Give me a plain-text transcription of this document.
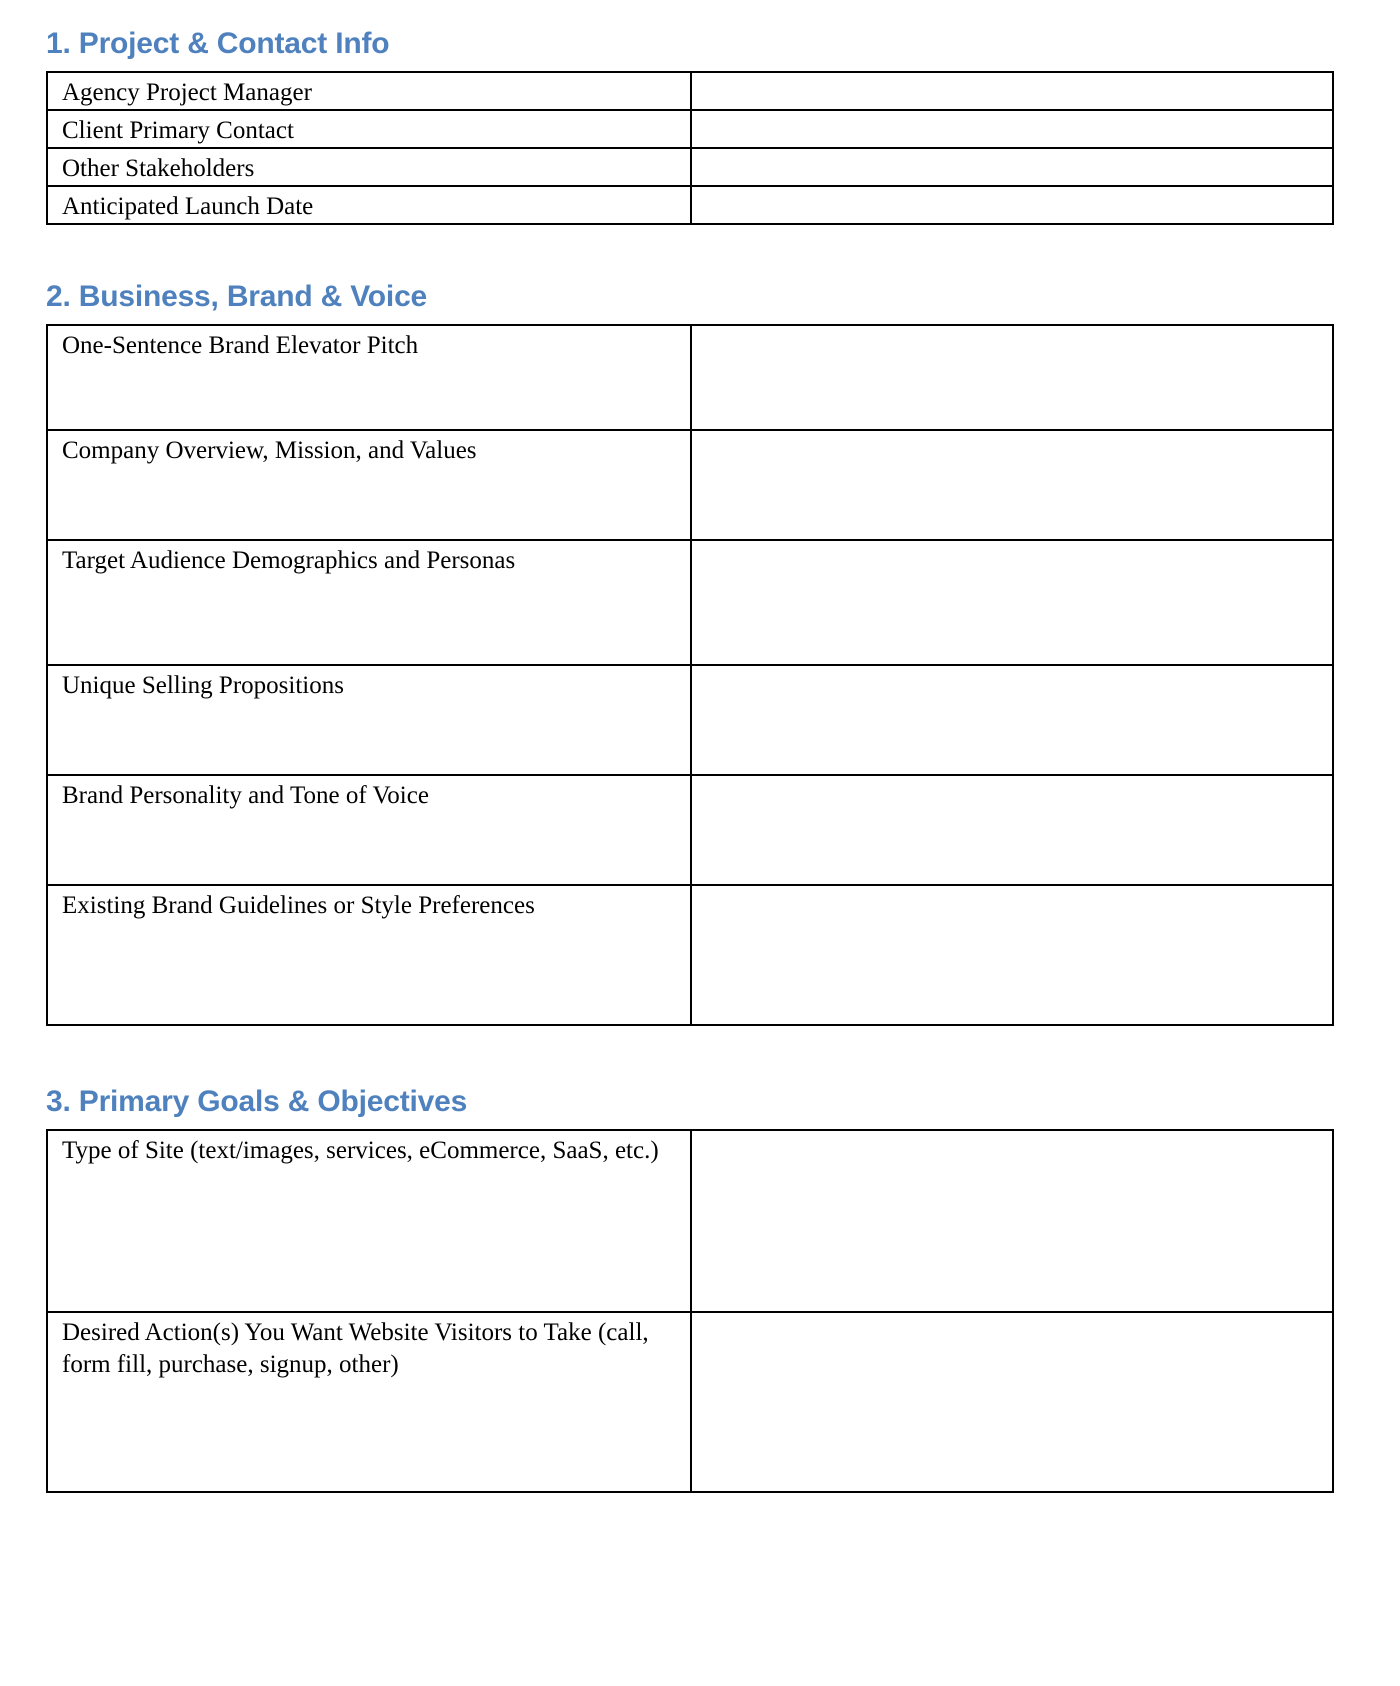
1. Project & Contact Info
Agency Project Manager	

Client Primary Contact	

Other Stakeholders	

Anticipated Launch Date	

2. Business, Brand & Voice
One-Sentence Brand Elevator Pitch	

Company Overview, Mission, and Values	

Target Audience Demographics and Personas	

Unique Selling Propositions	

Brand Personality and Tone of Voice	

Existing Brand Guidelines or Style Preferences	

3. Primary Goals & Objectives
Type of Site (text/images, services, eCommerce, SaaS, etc.)	

Desired Action(s) You Want Website Visitors to Take (call, form fill, purchase, signup, other)	
